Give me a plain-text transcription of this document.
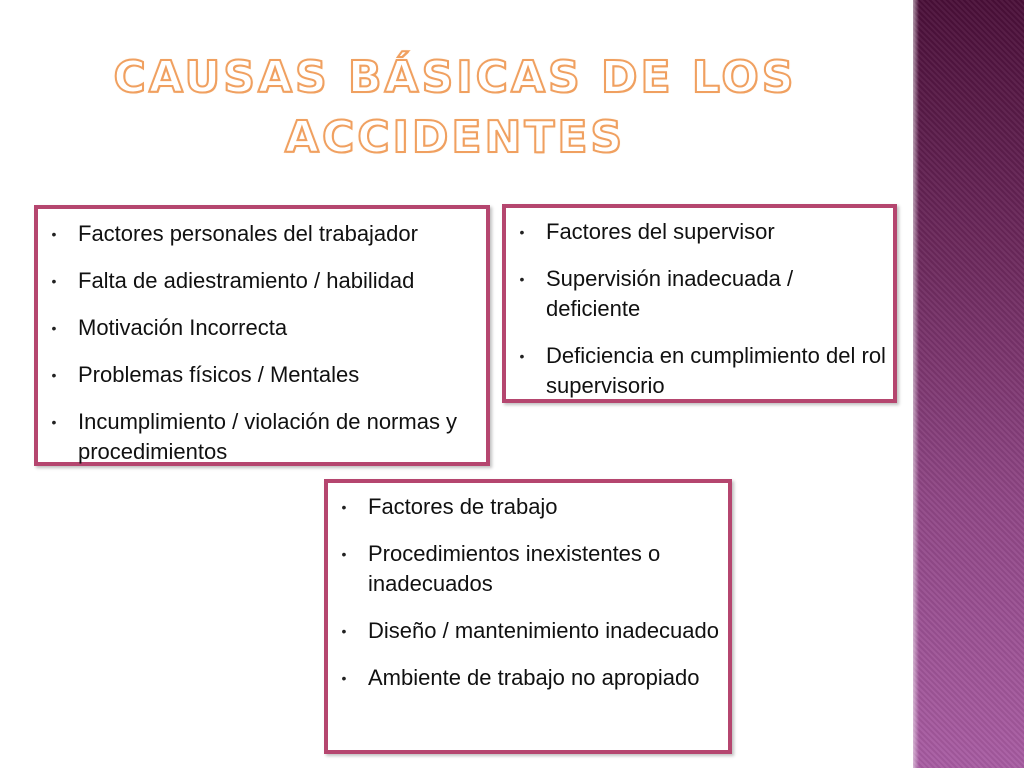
CAUSAS BÁSICAS DE LOS ACCIDENTES
• Factores personales del trabajador
• Falta de adiestramiento / habilidad
• Motivación Incorrecta
• Problemas físicos / Mentales
• Incumplimiento / violación de normas y procedimientos
• Factores del supervisor
• Supervisión inadecuada / deficiente
• Deficiencia en cumplimiento del rol supervisorio
• Factores de trabajo
• Procedimientos inexistentes o inadecuados
• Diseño / mantenimiento inadecuado
• Ambiente de trabajo no apropiado
